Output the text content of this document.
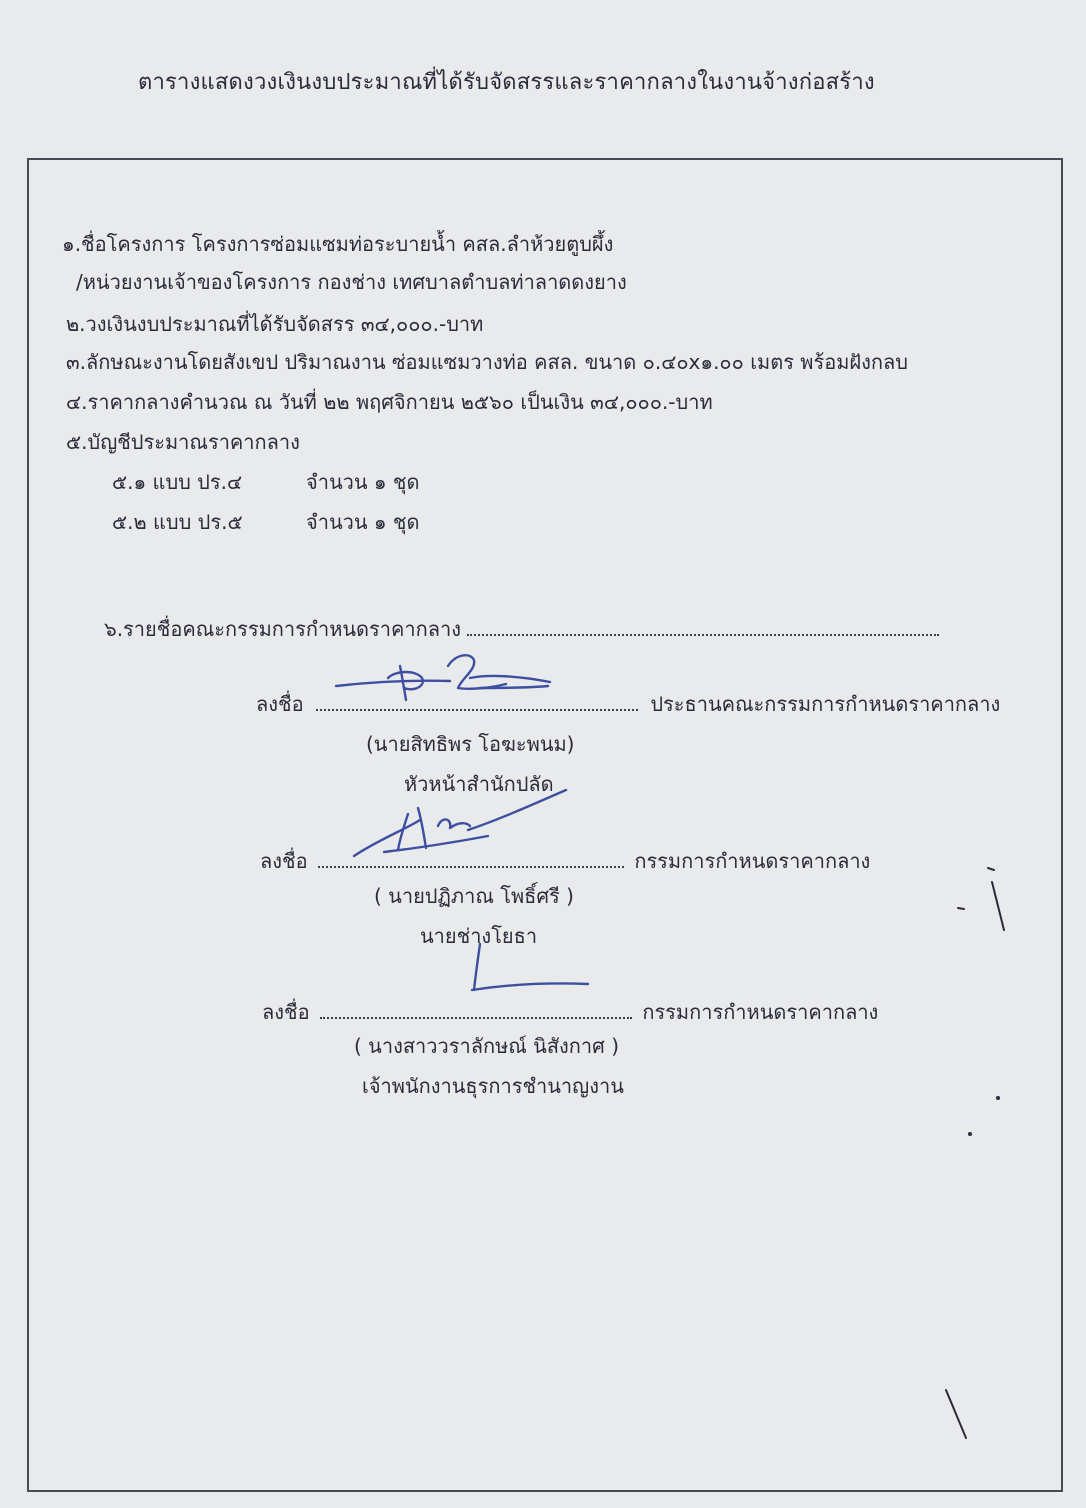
ตารางแสดงวงเงินงบประมาณที่ได้รับจัดสรรและราคากลางในงานจ้างก่อสร้าง
๑.ชื่อโครงการ โครงการซ่อมแซมท่อระบายน้ำ คสล.ลำห้วยตูบผึ้ง
/หน่วยงานเจ้าของโครงการ กองช่าง เทศบาลตำบลท่าลาดดงยาง
๒.วงเงินงบประมาณที่ได้รับจัดสรร ๓๔,๐๐๐.-บาท
๓.ลักษณะงานโดยสังเขป ปริมาณงาน ซ่อมแซมวางท่อ คสล. ขนาด ๐.๔๐x๑.๐๐ เมตร พร้อมฝังกลบ
๔.ราคากลางคำนวณ ณ วันที่ ๒๒ พฤศจิกายน ๒๕๖๐ เป็นเงิน ๓๔,๐๐๐.-บาท
๕.บัญชีประมาณราคากลาง
๕.๑ แบบ ปร.๔	จำนวน ๑ ชุด
๕.๒ แบบ ปร.๕	จำนวน ๑ ชุด
๖.รายชื่อคณะกรรมการกำหนดราคากลาง
ลงชื่อ	ประธานคณะกรรมการกำหนดราคากลาง
(นายสิทธิพร โอฆะพนม)
หัวหน้าสำนักปลัด
ลงชื่อ	กรรมการกำหนดราคากลาง
( นายปฏิภาณ โพธิ์ศรี )
นายช่างโยธา
ลงชื่อ	กรรมการกำหนดราคากลาง
( นางสาววราลักษณ์ นิสังกาศ )
เจ้าพนักงานธุรการชำนาญงาน
